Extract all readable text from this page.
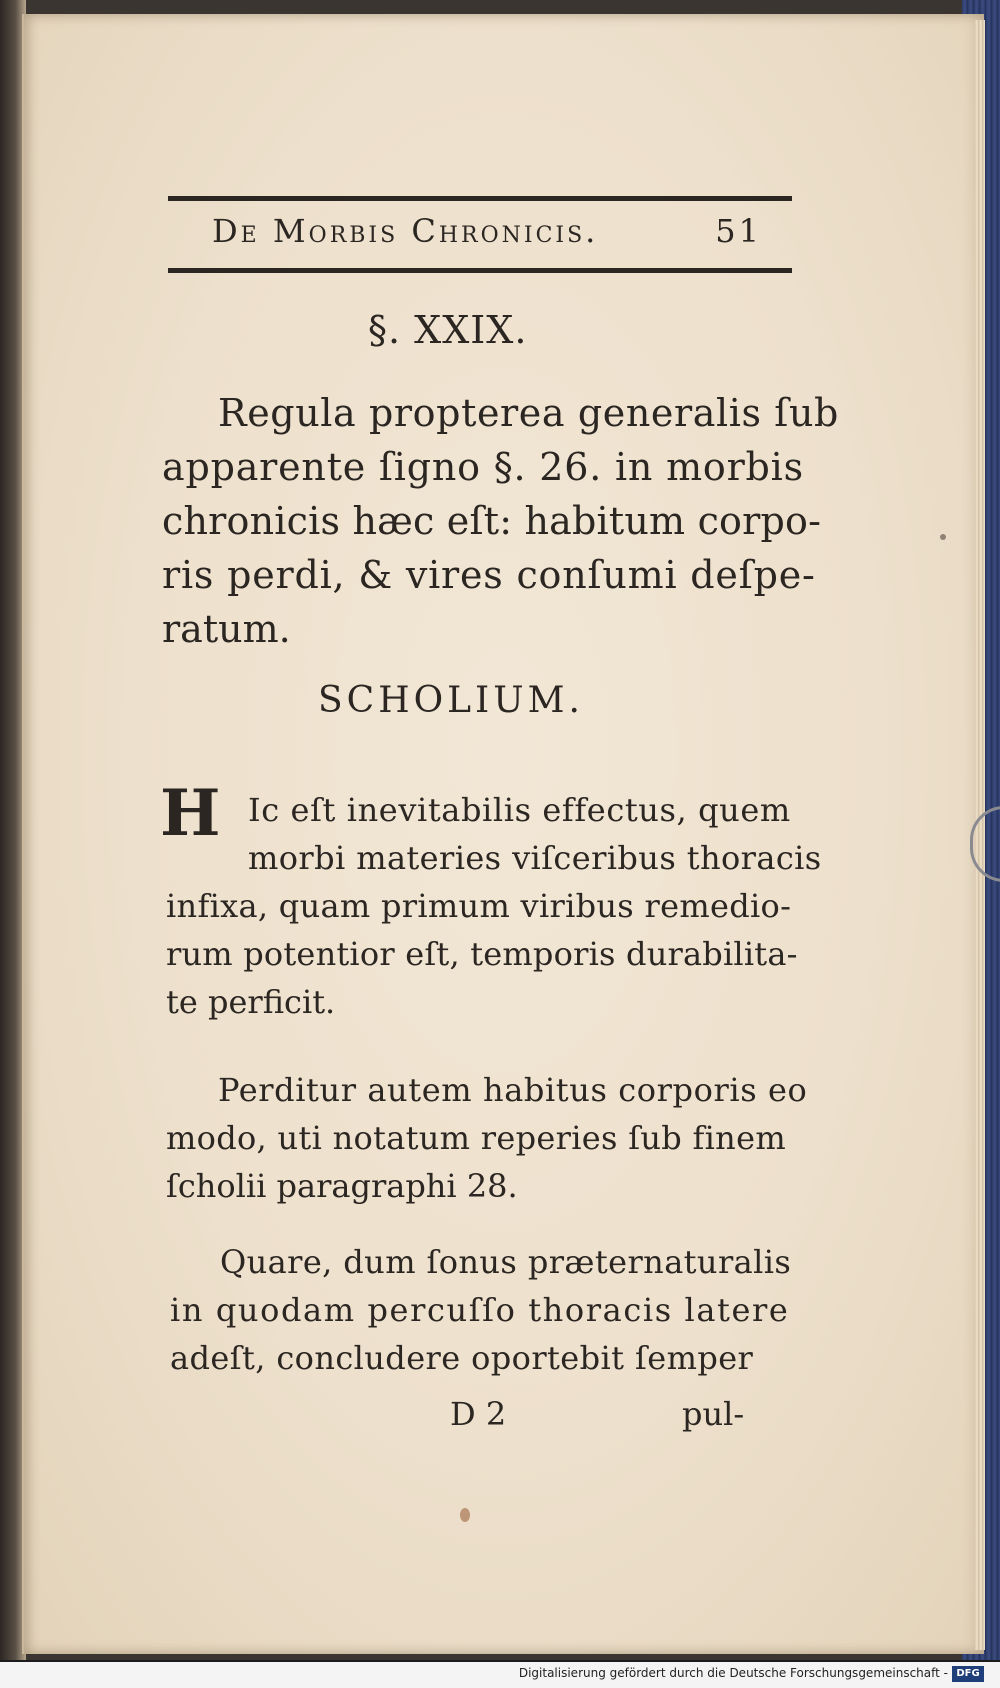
De Morbis Chronicis.	51
§. XXIX.
Regula propterea generalis ſub
apparente ſigno §. 26. in morbis
chronicis hæc eſt: habitum corpo-
ris perdi, & vires conſumi deſpe-
ratum.
SCHOLIUM.
H Ic eſt inevitabilis effectus, quem
morbi materies viſceribus thoracis
infixa, quam primum viribus remedio-
rum potentior eſt, temporis durabilita-
te perficit.
Perditur autem habitus corporis eo
modo, uti notatum reperies ſub finem
ſcholii paragraphi 28.
Quare, dum ſonus præternaturalis
in quodam percuſſo thoracis latere
adeſt, concludere oportebit ſemper
D 2	pul-
Digitalisierung gefördert durch die Deutsche Forschungsgemeinschaft - DFG
